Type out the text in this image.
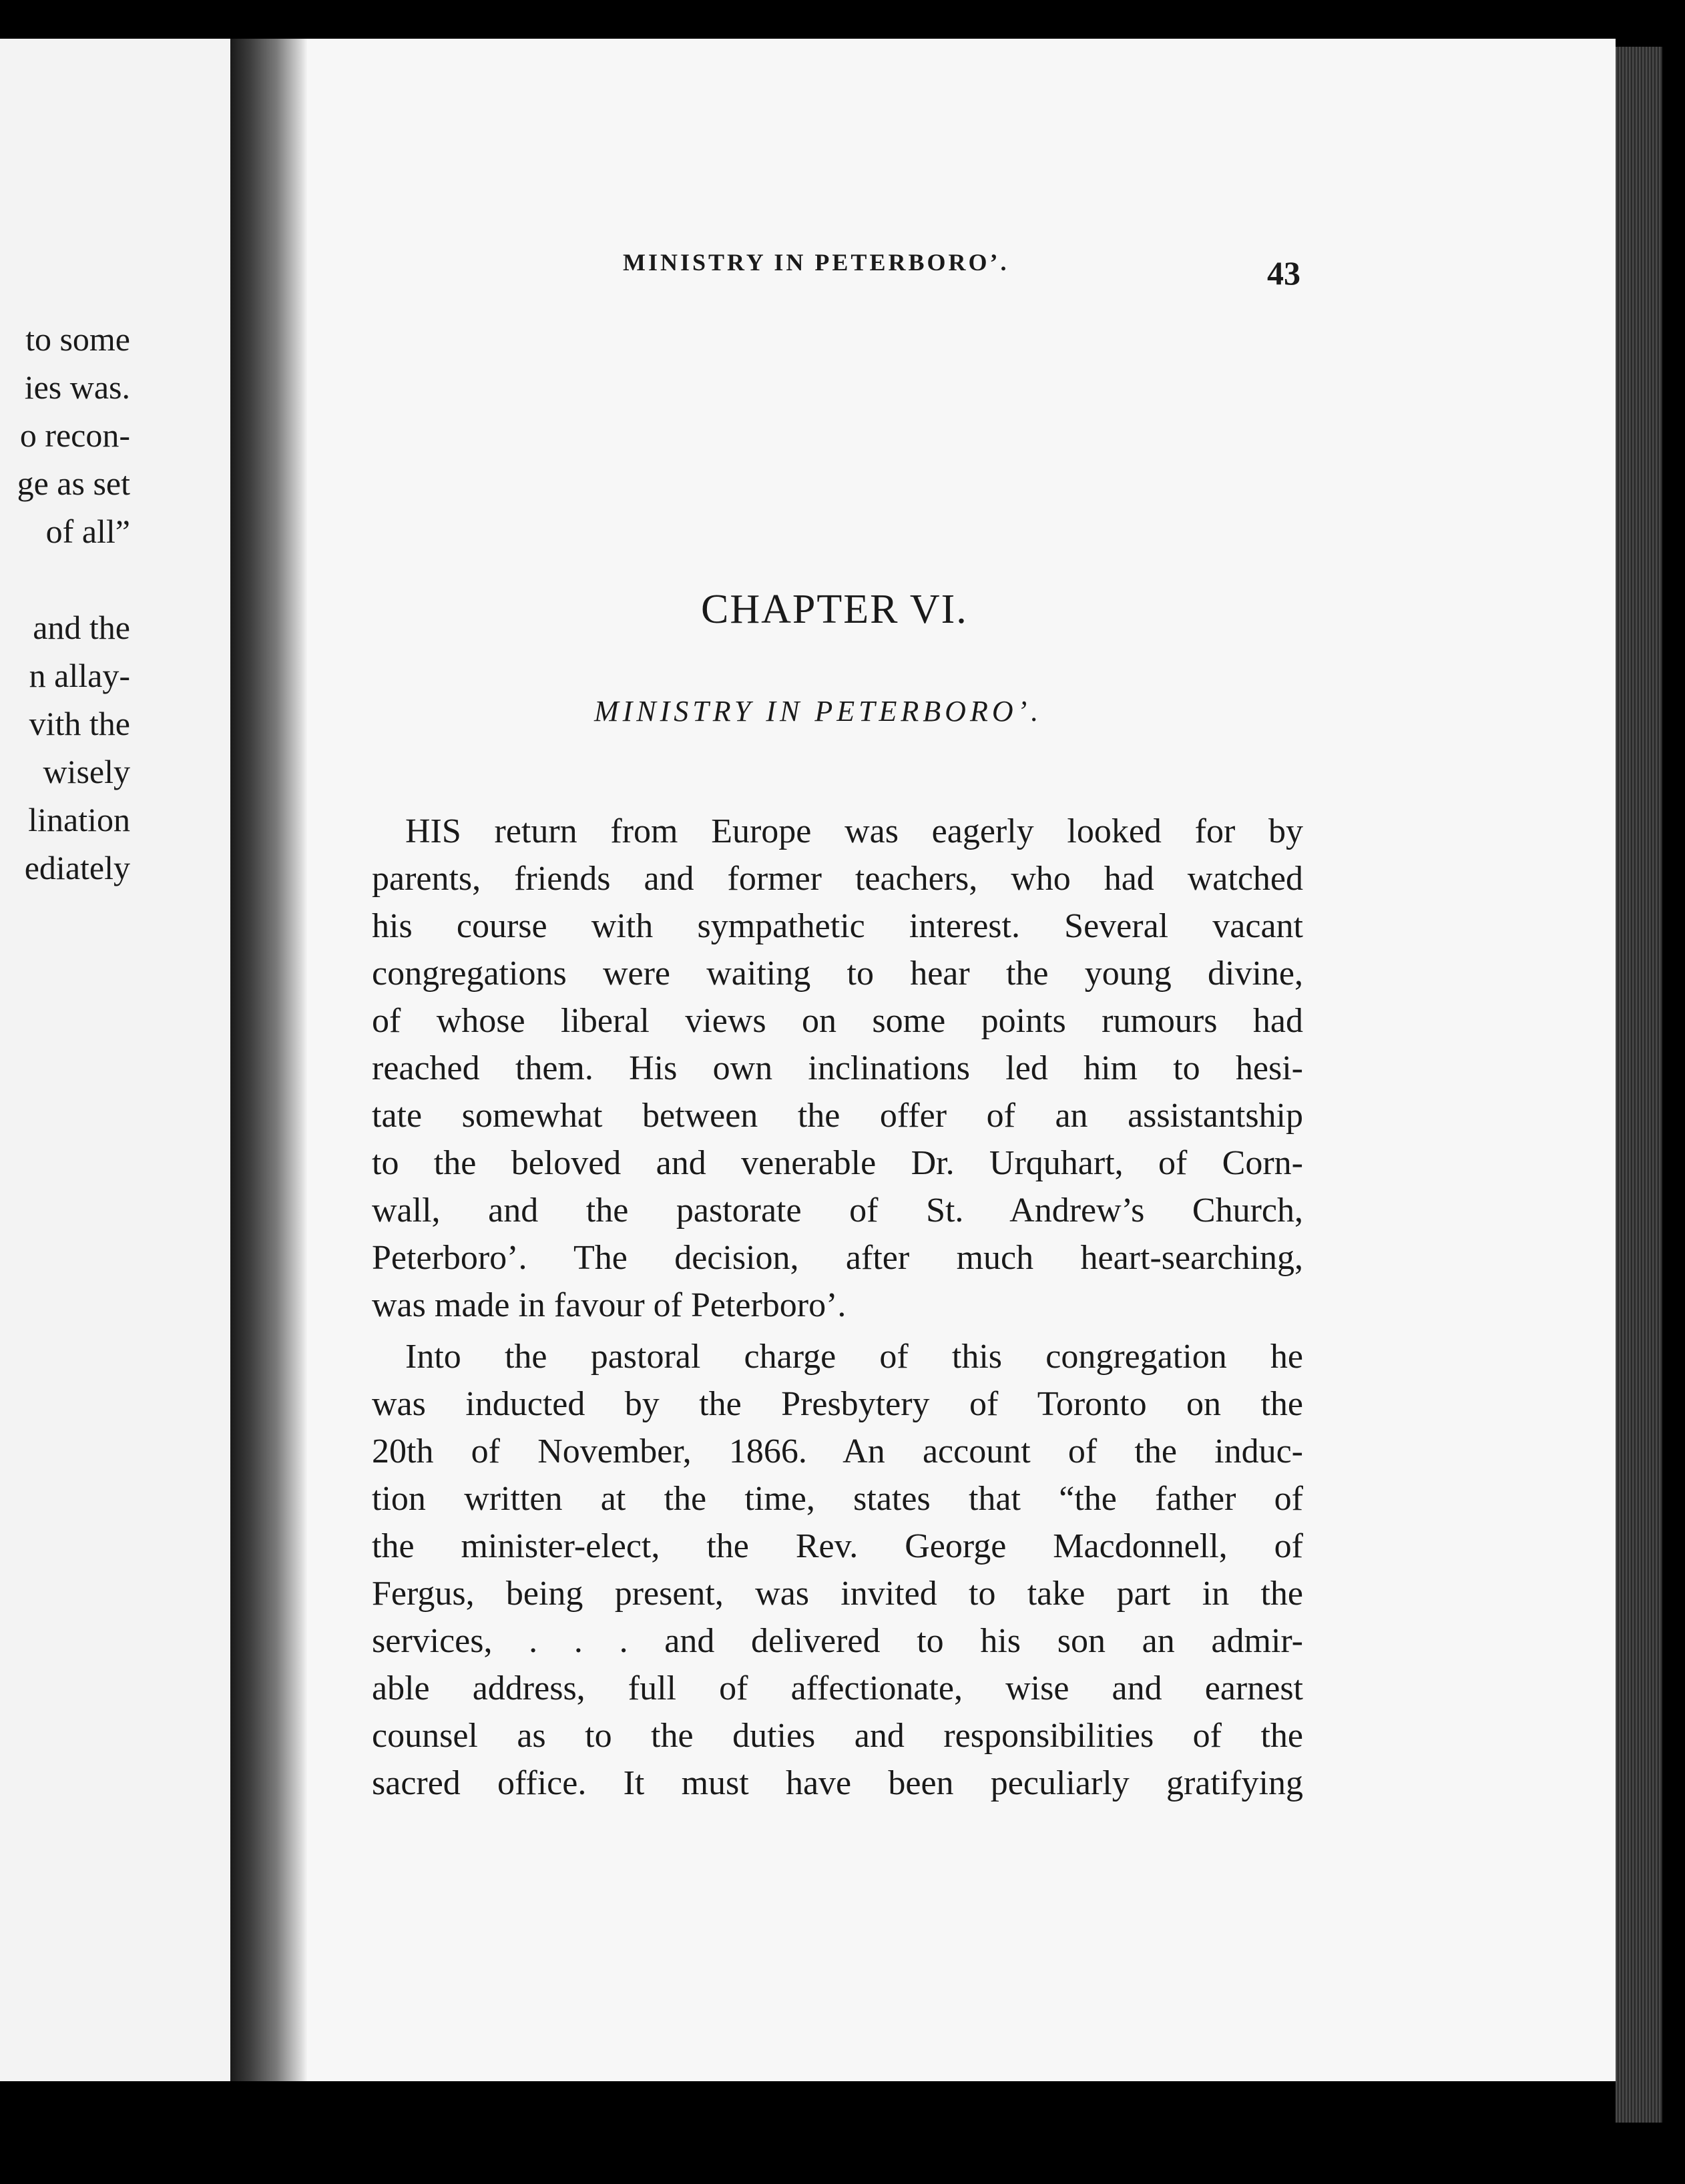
to some
ies was.
o recon-
ge as set
of all”
and the
n allay-
vith the
wisely
lination
ediately
MINISTRY IN PETERBORO’.	43
CHAPTER VI.
MINISTRY IN PETERBORO’.
HIS return from Europe was eagerly looked for by
parents, friends and former teachers, who had watched
his course with sympathetic interest. Several vacant
congregations were waiting to hear the young divine,
of whose liberal views on some points rumours had
reached them. His own inclinations led him to hesi-
tate somewhat between the offer of an assistantship
to the beloved and venerable Dr. Urquhart, of Corn-
wall, and the pastorate of St. Andrew’s Church,
Peterboro’. The decision, after much heart-searching,
was made in favour of Peterboro’.
Into the pastoral charge of this congregation he
was inducted by the Presbytery of Toronto on the
20th of November, 1866. An account of the induc-
tion written at the time, states that “the father of
the minister-elect, the Rev. George Macdonnell, of
Fergus, being present, was invited to take part in the
services, . . . and delivered to his son an admir-
able address, full of affectionate, wise and earnest
counsel as to the duties and responsibilities of the
sacred office. It must have been peculiarly gratifying
